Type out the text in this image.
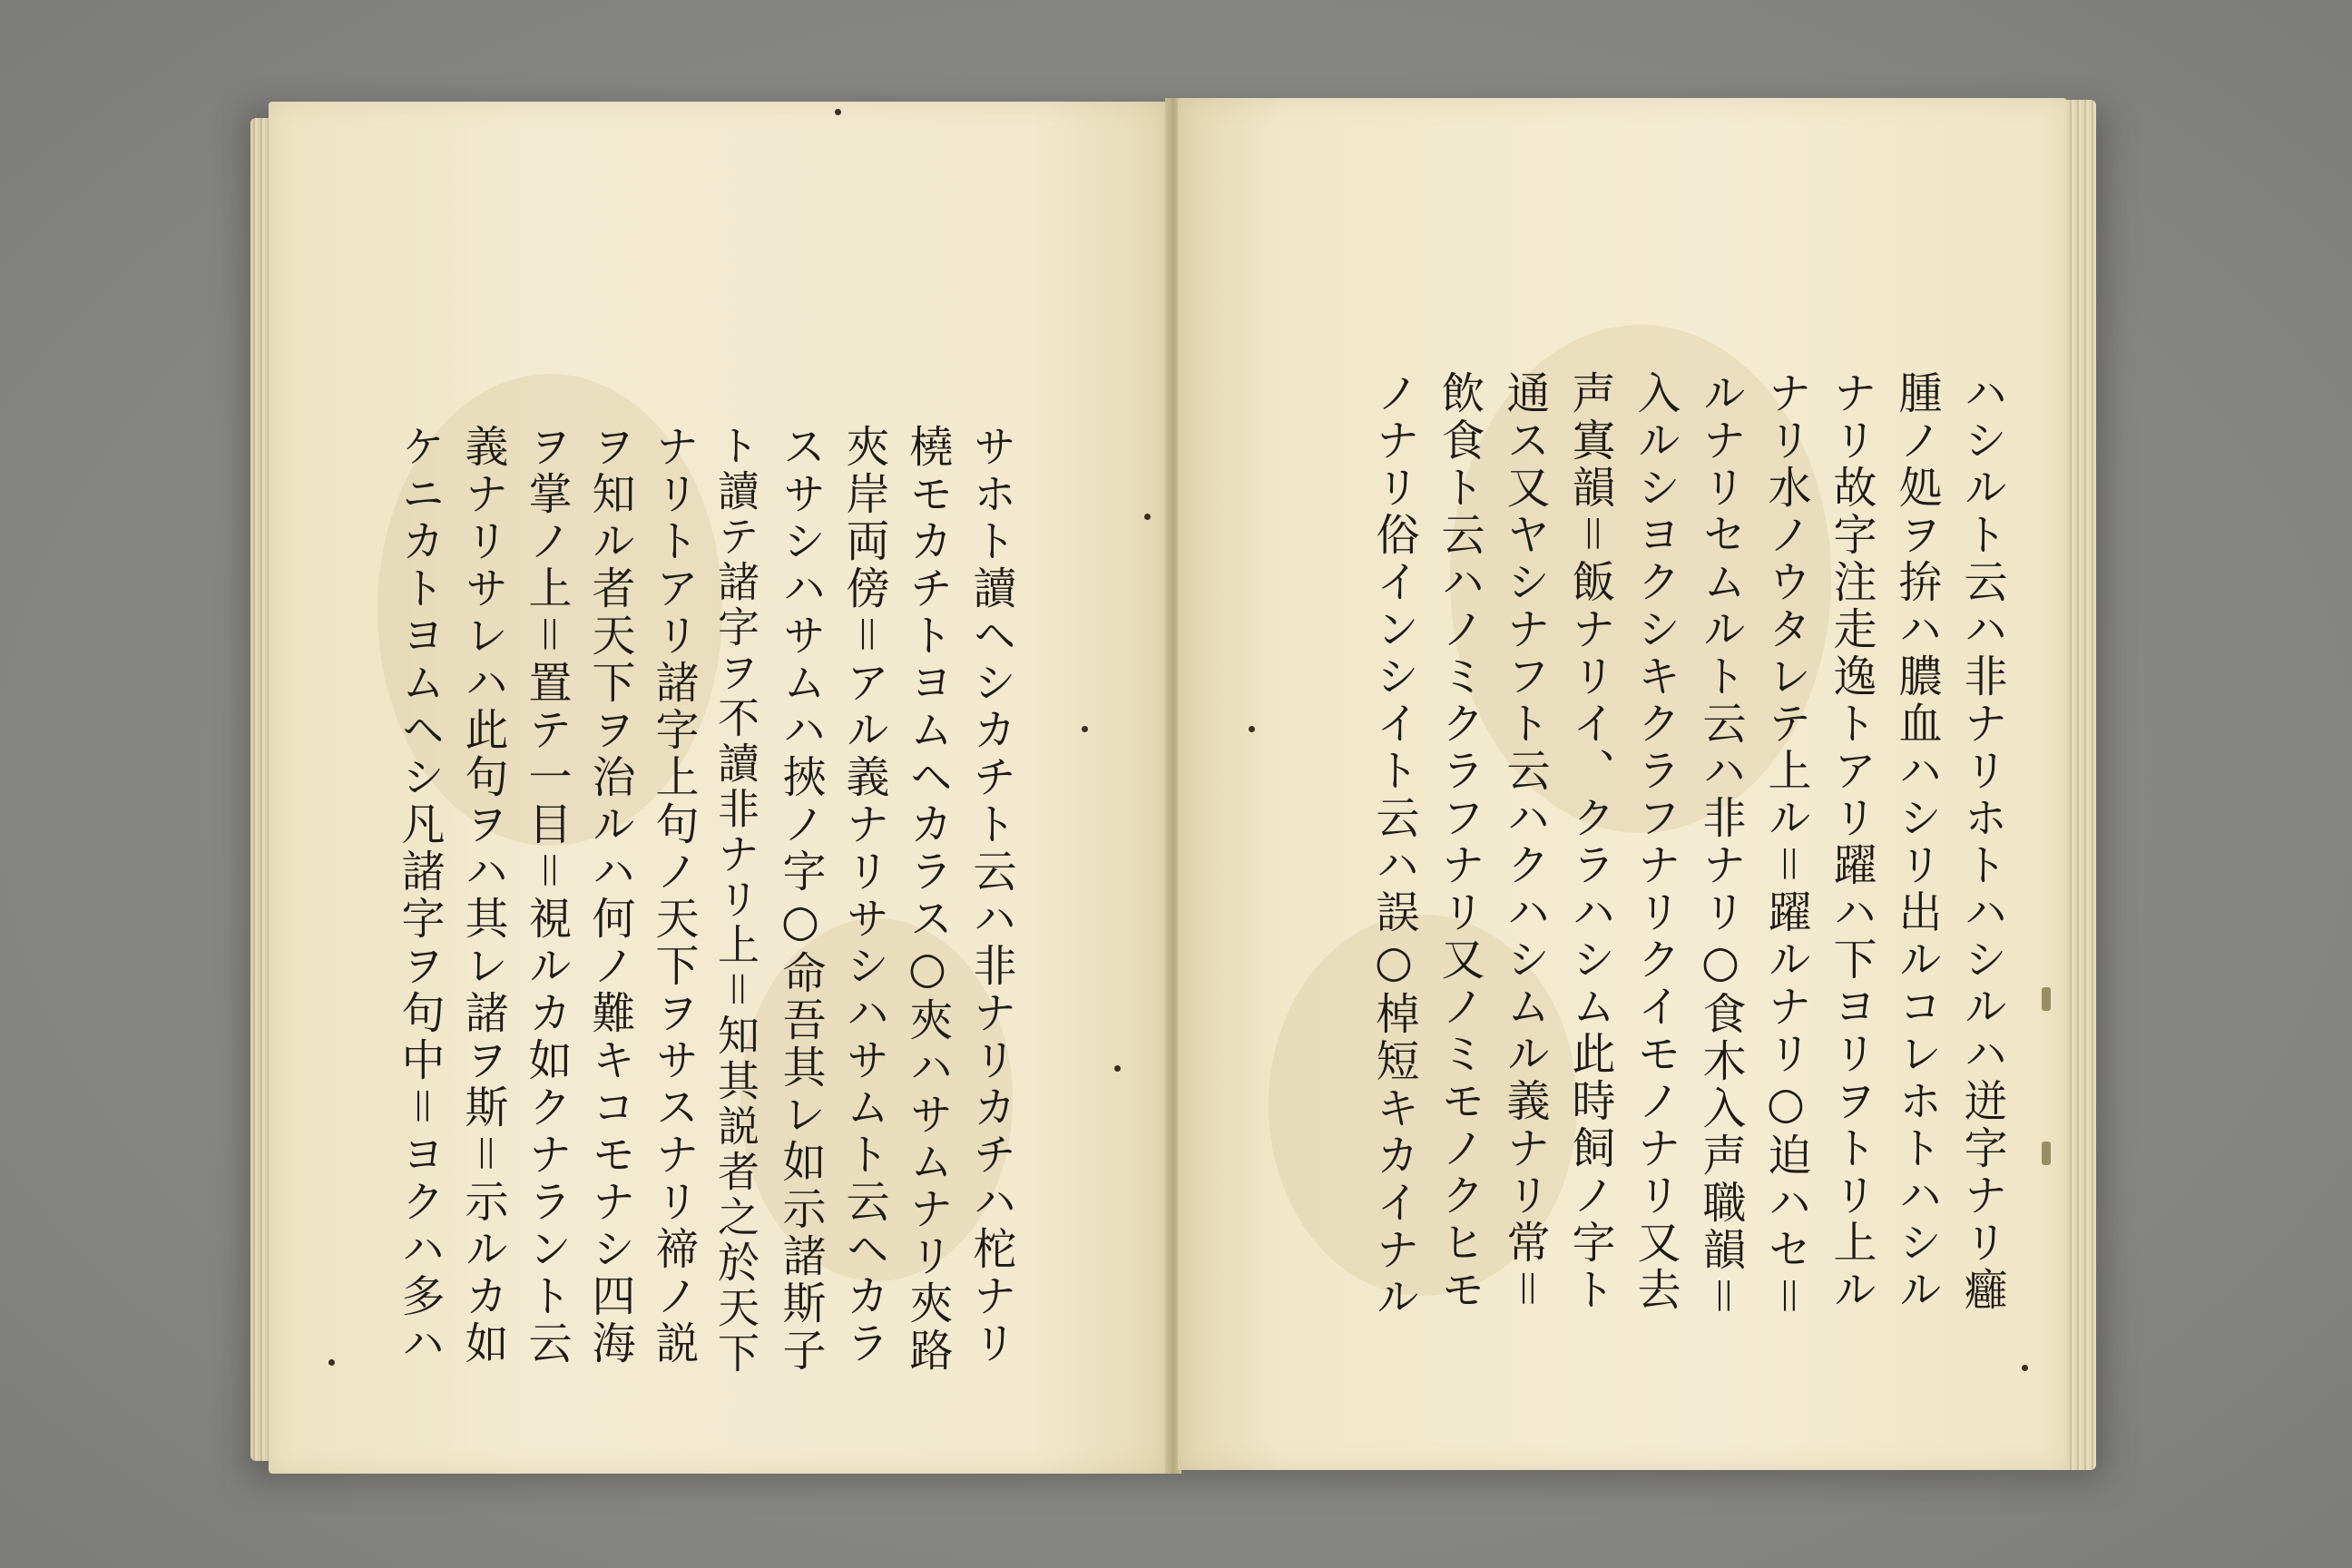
サホト讀ヘシカチト云ハ非ナリカチハ柁ナリ
橈モカチトヨムヘカラス○夾ハサムナリ夾路
夾岸両傍＝アル義ナリサシハサムト云ヘカラ
スサシハサムハ挾ノ字○命吾其レ如示諸斯子
ト讀テ諸字ヲ不讀非ナリ上＝知其説者之於天下
ナリトアリ諸字上句ノ天下ヲサスナリ禘ノ説
ヲ知ル者天下ヲ治ルハ何ノ難キコモナシ四海
ヲ掌ノ上＝置テ一目＝視ルカ如クナラント云
義ナリサレハ此句ヲハ其レ諸ヲ斯＝示ルカ如
ケニカトヨムヘシ凡諸字ヲ句中＝ヨクハ多ハ	ハシルト云ハ非ナリホトハシルハ迸字ナリ癰
腫ノ処ヲ拚ハ膿血ハシリ出ルコレホトハシル
ナリ故字注走逸トアリ躍ハ下ヨリヲトリ上ル
ナリ水ノウタレテ上ル＝躍ルナリ○迫ハセ＝
ルナリセムルト云ハ非ナリ○食木入声職韻＝
入ルシヨクシキクラフナリクイモノナリ又去
声寘韻＝飯ナリイ、クラハシム此時飼ノ字ト
通ス又ヤシナフト云ハクハシムル義ナリ常＝
飲食ト云ハノミクラフナリ又ノミモノクヒモ
ノナリ俗インシイト云ハ誤○棹短キカイナル
